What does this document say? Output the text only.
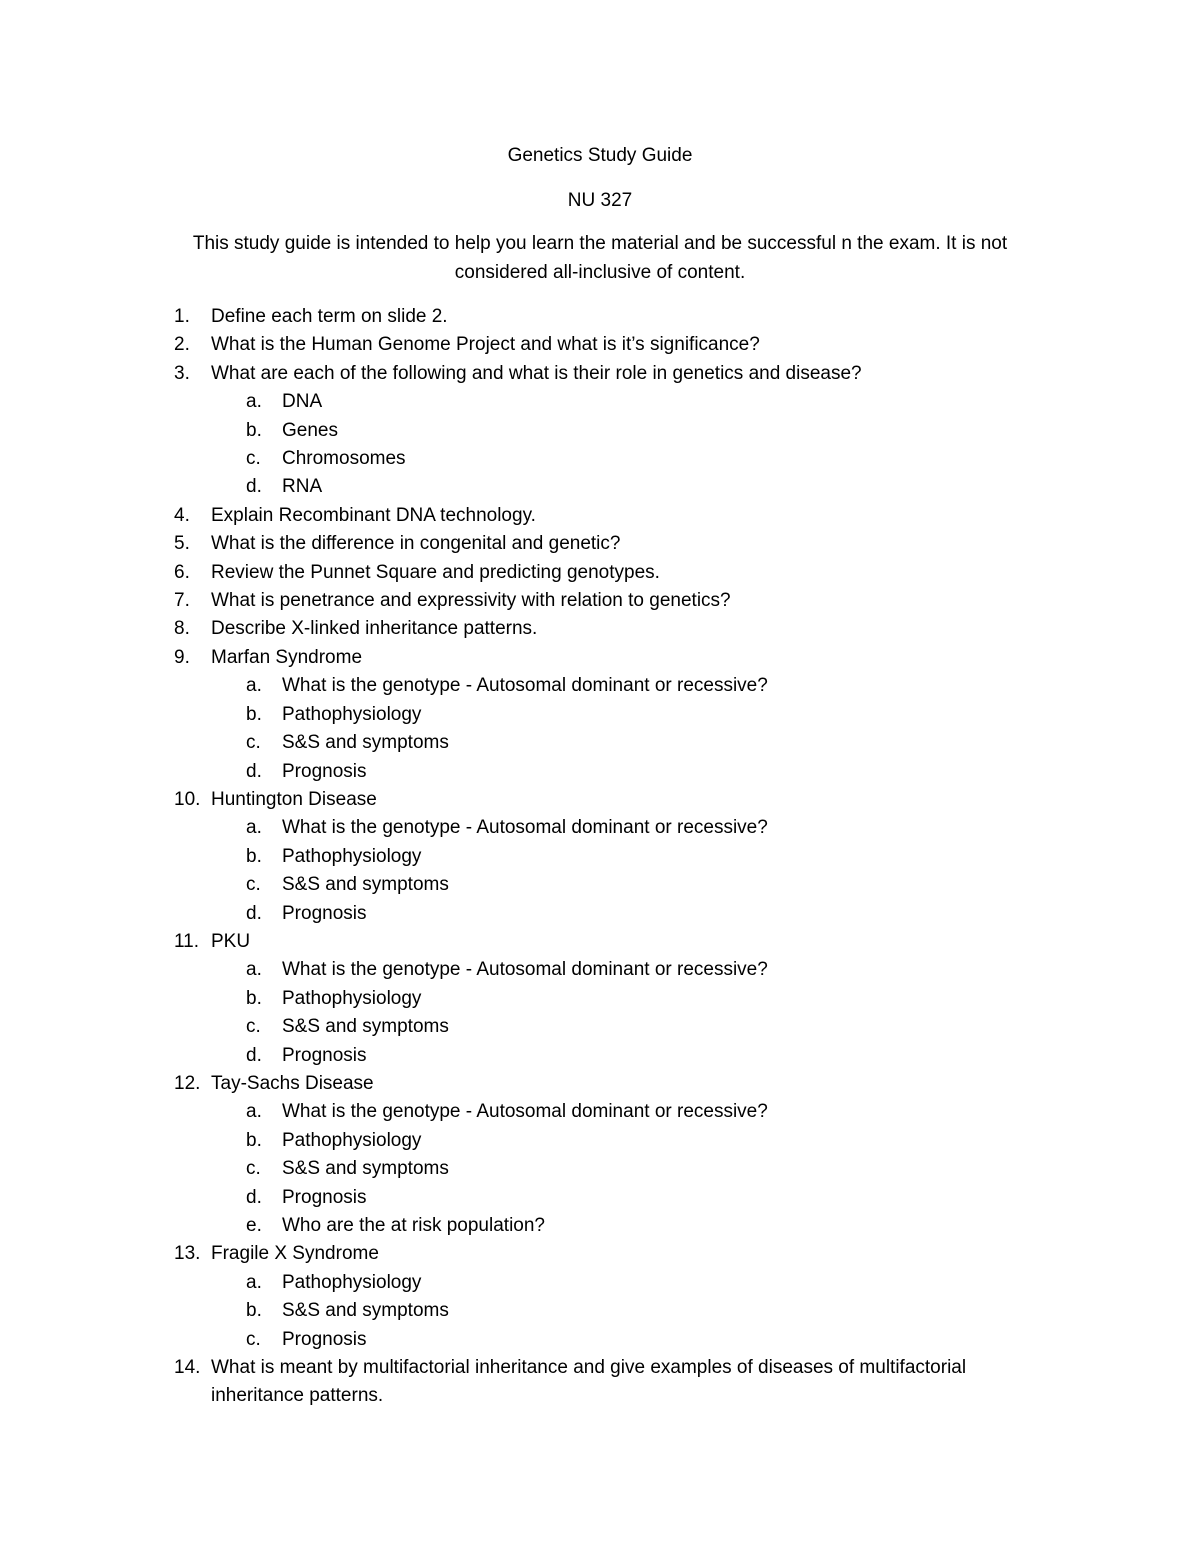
Genetics Study Guide
NU 327
This study guide is intended to help you learn the material and be successful n the exam. It is not
considered all-inclusive of content.
1.	Define each term on slide 2.
2.	What is the Human Genome Project and what is it’s significance?
3.	What are each of the following and what is their role in genetics and disease?
a. DNA
b. Genes
c. Chromosomes
d. RNA
4.	Explain Recombinant DNA technology.
5.	What is the difference in congenital and genetic?
6.	Review the Punnet Square and predicting genotypes.
7.	What is penetrance and expressivity with relation to genetics?
8.	Describe X-linked inheritance patterns.
9.	Marfan Syndrome
a. What is the genotype - Autosomal dominant or recessive?
b. Pathophysiology
c. S&S and symptoms
d. Prognosis
10. Huntington Disease
a. What is the genotype - Autosomal dominant or recessive?
b. Pathophysiology
c. S&S and symptoms
d. Prognosis
11. PKU
a. What is the genotype - Autosomal dominant or recessive?
b. Pathophysiology
c. S&S and symptoms
d. Prognosis
12. Tay-Sachs Disease
a. What is the genotype - Autosomal dominant or recessive?
b. Pathophysiology
c. S&S and symptoms
d. Prognosis
e. Who are the at risk population?
13. Fragile X Syndrome
a. Pathophysiology
b. S&S and symptoms
c. Prognosis
14. What is meant by multifactorial inheritance and give examples of diseases of multifactorial inheritance patterns.
